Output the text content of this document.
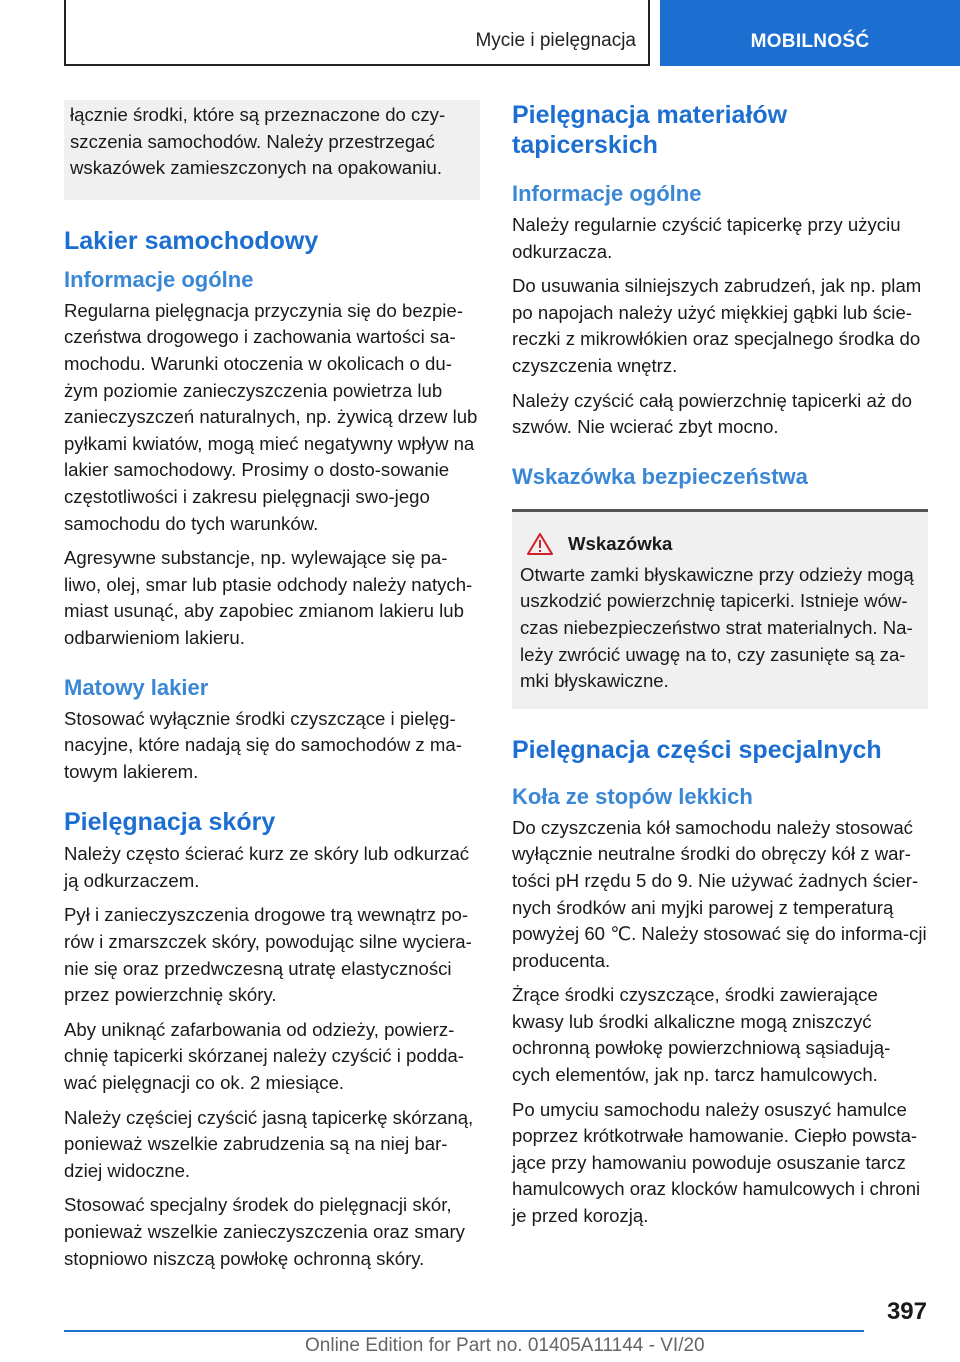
Mycie i pielęgnacja	MOBILNOŚĆ

łącznie środki, które są przeznaczone do czy-szczenia samochodów. Należy przestrzegać wskazówek zamieszczonych na opakowaniu.

Lakier samochodowy
Informacje ogólne

Regularna pielęgnacja przyczynia się do bezpie-czeństwa drogowego i zachowania wartości sa-mochodu. Warunki otoczenia w okolicach o du-żym poziomie zanieczyszczenia powietrza lub zanieczyszczeń naturalnych, np. żywicą drzew lub pyłkami kwiatów, mogą mieć negatywny wpływ na lakier samochodowy. Prosimy o dosto-sowanie częstotliwości i zakresu pielęgnacji swo-jego samochodu do tych warunków.

Agresywne substancje, np. wylewające się pa-liwo, olej, smar lub ptasie odchody należy natych-miast usunąć, aby zapobiec zmianom lakieru lub odbarwieniom lakieru.

Matowy lakier

Stosować wyłącznie środki czyszczące i pielęg-nacyjne, które nadają się do samochodów z ma-towym lakierem.

Pielęgnacja skóry

Należy często ścierać kurz ze skóry lub odkurzać ją odkurzaczem.

Pył i zanieczyszczenia drogowe trą wewnątrz po-rów i zmarszczek skóry, powodując silne wyciera-nie się oraz przedwczesną utratę elastyczności przez powierzchnię skóry.

Aby uniknąć zafarbowania od odzieży, powierz-chnię tapicerki skórzanej należy czyścić i podda-wać pielęgnacji co ok. 2 miesiące.

Należy częściej czyścić jasną tapicerkę skórzaną, ponieważ wszelkie zabrudzenia są na niej bar-dziej widoczne.

Stosować specjalny środek do pielęgnacji skór, ponieważ wszelkie zanieczyszczenia oraz smary stopniowo niszczą powłokę ochronną skóry.

Pielęgnacja materiałów tapicerskich
Informacje ogólne

Należy regularnie czyścić tapicerkę przy użyciu odkurzacza.

Do usuwania silniejszych zabrudzeń, jak np. plam po napojach należy użyć miękkiej gąbki lub ście-reczki z mikrowłókien oraz specjalnego środka do czyszczenia wnętrz.

Należy czyścić całą powierzchnię tapicerki aż do szwów. Nie wcierać zbyt mocno.

Wskazówka bezpieczeństwa
Wskazówka

Otwarte zamki błyskawiczne przy odzieży mogą uszkodzić powierzchnię tapicerki. Istnieje wów-czas niebezpieczeństwo strat materialnych. Na-leży zwrócić uwagę na to, czy zasunięte są za-mki błyskawiczne.

Pielęgnacja części specjalnych
Koła ze stopów lekkich

Do czyszczenia kół samochodu należy stosować wyłącznie neutralne środki do obręczy kół z war-tości pH rzędu 5 do 9. Nie używać żadnych ścier-nych środków ani myjki parowej z temperaturą powyżej 60 ℃. Należy stosować się do informa-cji producenta.

Żrące środki czyszczące, środki zawierające kwasy lub środki alkaliczne mogą zniszczyć ochronną powłokę powierzchniową sąsiadują-cych elementów, jak np. tarcz hamulcowych.

Po umyciu samochodu należy osuszyć hamulce poprzez krótkotrwałe hamowanie. Ciepło powsta-jące przy hamowaniu powoduje osuszanie tarcz hamulcowych oraz klocków hamulcowych i chroni je przed korozją.

397
Online Edition for Part no. 01405A11144 - VI/20
